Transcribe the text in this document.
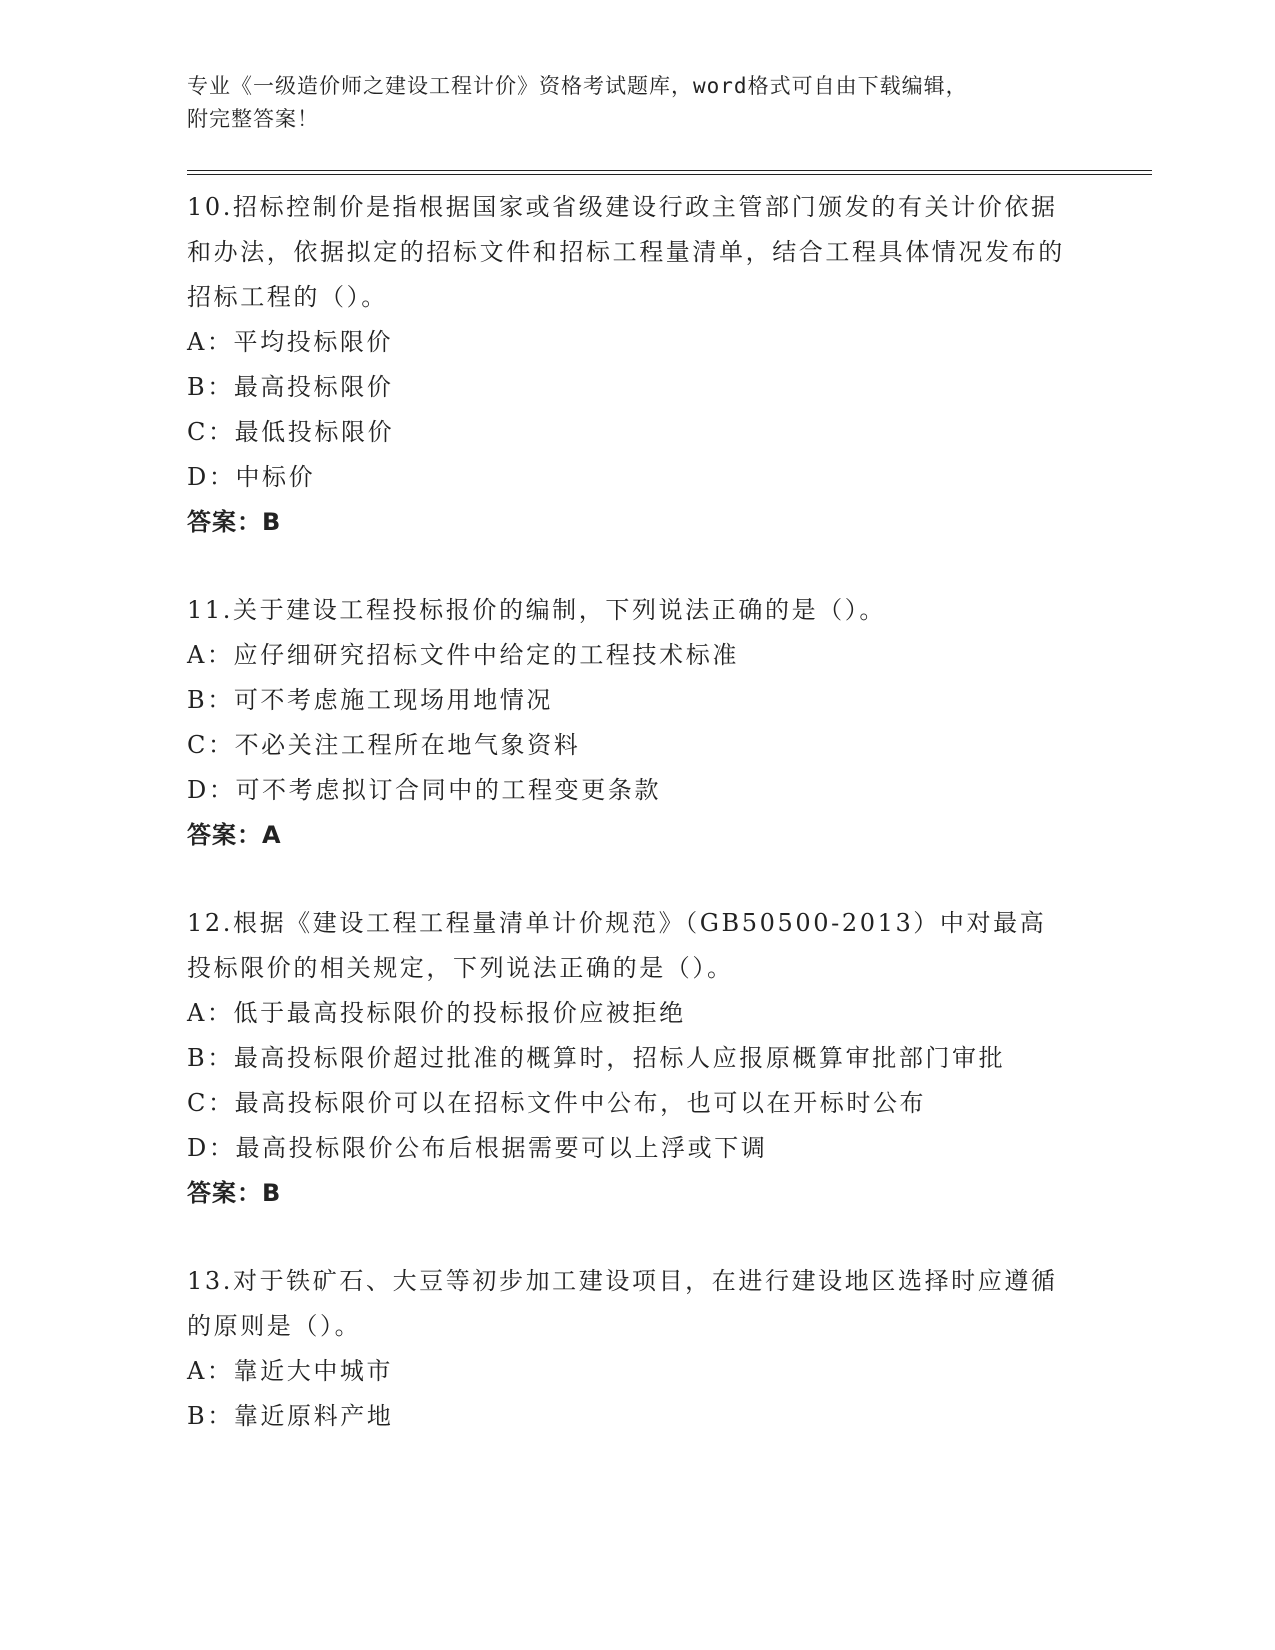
专业《一级造价师之建设工程计价》资格考试题库，word格式可自由下载编辑，
附完整答案！
10.招标控制价是指根据国家或省级建设行政主管部门颁发的有关计价依据和办法，依据拟定的招标文件和招标工程量清单，结合工程具体情况发布的招标工程的（）。
A：平均投标限价
B：最高投标限价
C：最低投标限价
D：中标价
答案：B
11.关于建设工程投标报价的编制，下列说法正确的是（）。
A：应仔细研究招标文件中给定的工程技术标准
B：可不考虑施工现场用地情况
C：不必关注工程所在地气象资料
D：可不考虑拟订合同中的工程变更条款
答案：A
12.根据《建设工程工程量清单计价规范》（GB50500-2013）中对最高投标限价的相关规定，下列说法正确的是（）。
A：低于最高投标限价的投标报价应被拒绝
B：最高投标限价超过批准的概算时，招标人应报原概算审批部门审批
C：最高投标限价可以在招标文件中公布，也可以在开标时公布
D：最高投标限价公布后根据需要可以上浮或下调
答案：B
13.对于铁矿石、大豆等初步加工建设项目，在进行建设地区选择时应遵循的原则是（）。
A：靠近大中城市
B：靠近原料产地
